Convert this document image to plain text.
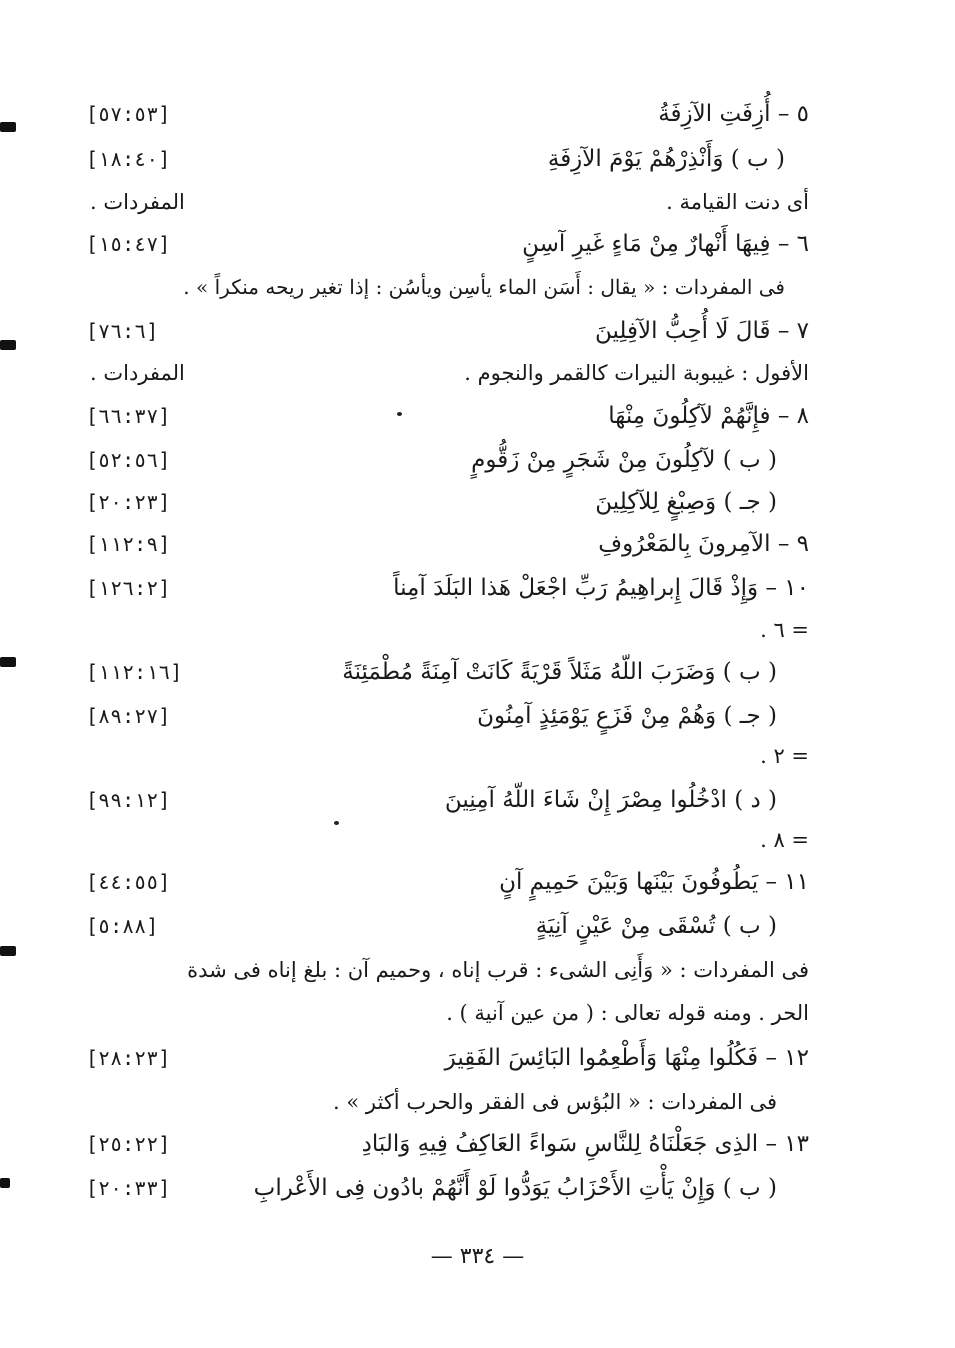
٥ – أُزِفَتِ الآزِفَةُ
[٥٧:٥٣]
( ب ) وَأَنْذِرْهُمْ يَوْمَ الآزِفَةِ
[١٨:٤٠]
أى دنت القيامة .
المفردات .
٦ – فِيهَا أَنْهارٌ مِنْ مَاءٍ غَيرِ آسِنٍ
[١٥:٤٧]
فى المفردات : « يقال : أَسَن الماء يأسِن ويأسُن : إذا تغير ريحه منكراً » .
٧ – قَالَ لَا أُحِبُّ الآفِلِينَ
[٧٦:٦]
الأفول : غيبوبة النيرات كالقمر والنجوم .
المفردات .
٨ – فإِنَّهُمْ لآكِلُونَ مِنْهَا
[٦٦:٣٧]
( ب ) لآكِلُونَ مِنْ شَجَرٍ مِنْ زَقُّومٍ
[٥٢:٥٦]
( جـ ) وَصِبْغٍ لِلآكِلِينَ
[٢٠:٢٣]
٩ – الآمِرونَ بِالمَعْرُوفِ
[١١٢:٩]
١٠ – وَإِذْ قَالَ إِبراهِيمُ رَبِّ اجْعَلْ هَذا البَلَدَ آمِناً
[١٢٦:٢]
= ٦ .
( ب ) وَضَرَبَ اللّهُ مَثَلاً قَرْيَةً كَانَتْ آمِنَةً مُطْمَئِنَةً
[١١٢:١٦]
( جـ ) وَهُمْ مِنْ فَزَعٍ يَوْمَئِذٍ آمِنُونَ
[٨٩:٢٧]
= ٢ .
( د ) ادْخُلُوا مِصْرَ إِنْ شَاءَ اللّهُ آمِنِينَ
[٩٩:١٢]
= ٨ .
١١ – يَطُوفُونَ بَيْنَها وَبَيْنَ حَمِيمٍ آنٍ
[٤٤:٥٥]
( ب ) تُسْقَى مِنْ عَيْنٍ آنِيَةٍ
[٥:٨٨]
فى المفردات : « وَأَنِى الشىء : قرب إناه ، وحميم آن : بلغ إناه فى شدة
الحر . ومنه قوله تعالى : ( من عين آنية ) .
١٢ – فَكُلُوا مِنْهَا وَأَطْعِمُوا البَائِسَ الفَقِيرَ
[٢٨:٢٣]
فى المفردات : « البُؤس فى الفقر والحرب أكثر » .
١٣ – الذِى جَعَلْنَاهُ لِلنَّاسِ سَواءً العَاكِفُ فِيهِ وَالبَادِ
[٢٥:٢٢]
( ب ) وَإِنْ يَأْتِ الأَحْزَابُ يَوَدُّوا لَوْ أَنَّهُمْ بادُون فِى الأَعْرابِ
[٢٠:٣٣]
— ٣٣٤ —
